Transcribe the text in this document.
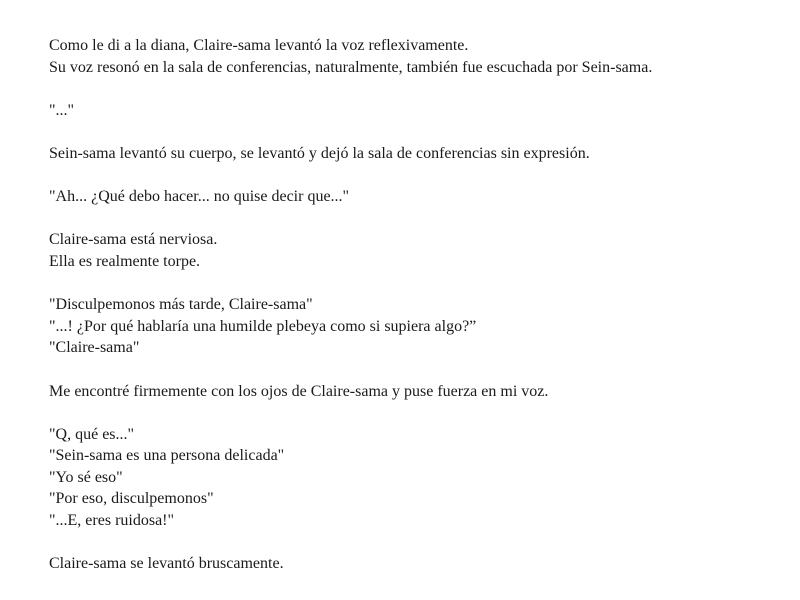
Como le di a la diana, Claire-sama levantó la voz reflexivamente.
Su voz resonó en la sala de conferencias, naturalmente, también fue escuchada por Sein-sama.

"..."

Sein-sama levantó su cuerpo, se levantó y dejó la sala de conferencias sin expresión.

"Ah... ¿Qué debo hacer... no quise decir que..."

Claire-sama está nerviosa.
Ella es realmente torpe.

"Disculpemonos más tarde, Claire-sama"
"...! ¿Por qué hablaría una humilde plebeya como si supiera algo?”
"Claire-sama"

Me encontré firmemente con los ojos de Claire-sama y puse fuerza en mi voz.

"Q, qué es..."
"Sein-sama es una persona delicada"
"Yo sé eso"
"Por eso, disculpemonos"
"...E, eres ruidosa!"

Claire-sama se levantó bruscamente.
